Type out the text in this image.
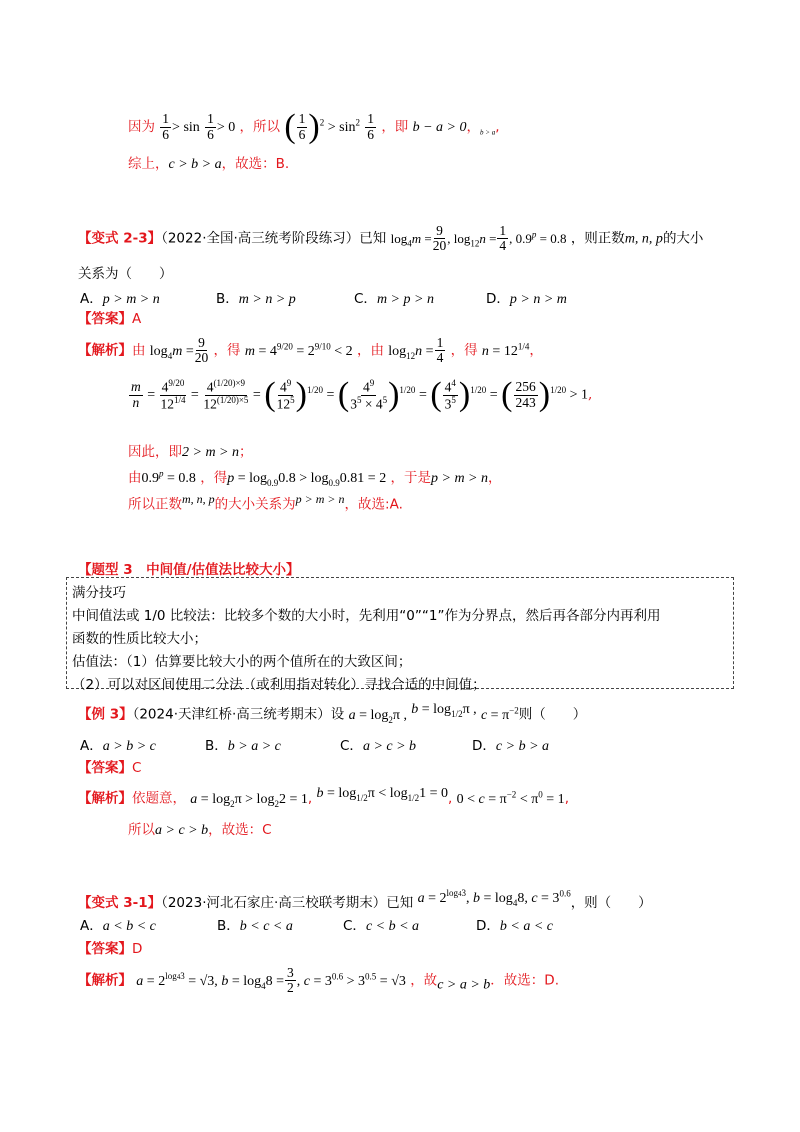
因为 $\frac{1}{6} > \sin \frac{1}{6} > 0$ ，所以 ( $\frac{1}{6} )^2 > \sin^2 \frac{1}{6}$ ，即 b − a > 0，$_{b > a}$,
综上，c > b > a，故选：B.
【变式 2-3】（2022·全国·高三统考阶段练习）已知 $\log_4m = \frac{9}{20}$ , $\log_{12}n = \frac{1}{4}$ , $0.9^p = 0.8$ ，则正数m, n, p的大小
关系为（　　）
A．p > m > n	B．m > n > p	C．m > p > n	D．p > n > m
【答案】A
【解析】由 $\log_4m = \frac{9}{20}$ ，得 $m = 4^{9/20} = 2^{9/10} < 2$ ，由 $\log_{12}n = \frac{1}{4}$ ，得 $n = 12^{1/4}$，
$\frac{m}{n} = \frac{4^{9/20}}{12^{1/4}} = \frac{4^{(1/20)\times 9}}{12^{(1/20)\times 5}}$ = ( $\frac{4^9}{12^5} )^{1/20}$ = ( $\frac{4^9}{3^5 \times 4^5} )^{1/20}$ = ( $\frac{4^4}{3^5} )^{1/20}$ = ( $\frac{256}{243} )^{1/20} > 1$,
因此，即2 > m > n；
由$0.9^p = 0.8$ ，得$p = \log_{0.9}0.8 > \log_{0.9}0.81 = 2$ ，于是p > m > n，
所以正数m, n, p的大小关系为p > m > n，故选:A.
【题型 3　中间值/估值法比较大小】
满分技巧
中间值法或 1/0 比较法：比较多个数的大小时，先利用“0”“1”作为分界点，然后再各部分内再利用
函数的性质比较大小；
估值法：（1）估算要比较大小的两个值所在的大致区间；
（2）可以对区间使用二分法（或利用指对转化）寻找合适的中间值；
【例 3】（2024·天津红桥·高三统考期末）设 $a = \log_2\pi$ , $b = \log_{1/2}\pi$ , $c = \pi^{-2}$则（　　）
A．a > b > c	B．b > a > c	C．a > c > b	D．c > b > a
【答案】C
【解析】依题意， $a = \log_2\pi > \log_22 = 1$, $b = \log_{1/2}\pi < \log_{1/2}1 = 0$, $0 < c = \pi^{-2} < \pi^0 = 1$,
所以a > c > b，故选：C
【变式 3-1】（2023·河北石家庄·高三校联考期末）已知 $a = 2^{log43}$, $b = \log_48$, $c = 3^{0.6}$，则（　　）
A．a < b < c	B．b < c < a	C．c < b < a	D．b < a < c
【答案】D
【解析】 $a = 2^{log43} = √3$, $b = \log_48 = \frac{3}{2}$ , $c = 3^{0.6} > 3^{0.5} = √3$ ，故c > a > b．故选：D.
